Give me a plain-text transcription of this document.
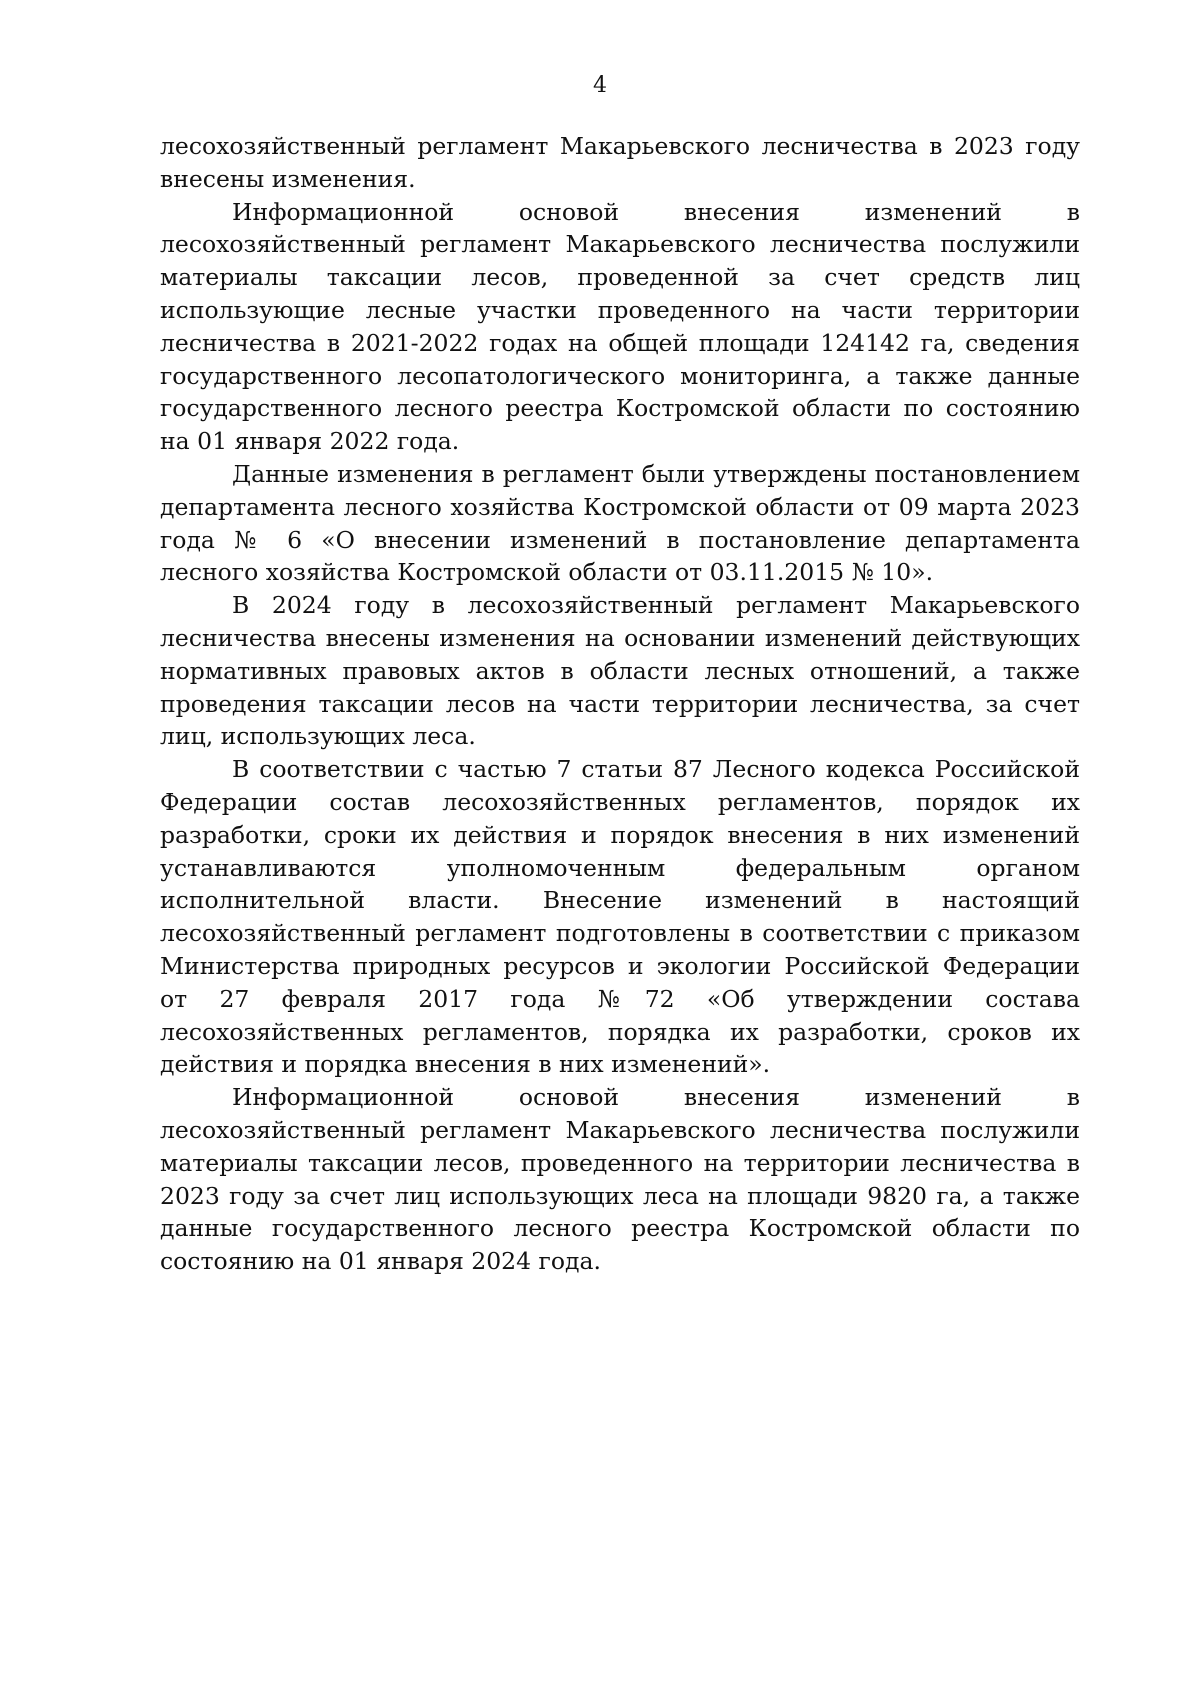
4

лесохозяйственный регламент Макарьевского лесничества в 2023 году внесены изменения.

Информационной основой внесения изменений в лесохозяйственный регламент Макарьевского лесничества послужили материалы таксации лесов, проведенной за счет средств лиц использующие лесные участки проведенного на части территории лесничества в 2021-2022 годах на общей площади 124142 га, сведения государственного лесопатологического мониторинга, а также данные государственного лесного реестра Костромской области по состоянию на 01 января 2022 года.

Данные изменения в регламент были утверждены постановлением департамента лесного хозяйства Костромской области от 09 марта 2023 года № 6 «О внесении изменений в постановление департамента лесного хозяйства Костромской области от 03.11.2015 № 10».

В 2024 году в лесохозяйственный регламент Макарьевского лесничества внесены изменения на основании изменений действующих нормативных правовых актов в области лесных отношений, а также проведения таксации лесов на части территории лесничества, за счет лиц, использующих леса.

В соответствии с частью 7 статьи 87 Лесного кодекса Российской Федерации состав лесохозяйственных регламентов, порядок их разработки, сроки их действия и порядок внесения в них изменений устанавливаются уполномоченным федеральным органом исполнительной власти. Внесение изменений в настоящий лесохозяйственный регламент подготовлены в соответствии с приказом Министерства природных ресурсов и экологии Российской Федерации от 27 февраля 2017 года №72 «Об утверждении состава лесохозяйственных регламентов, порядка их разработки, сроков их действия и порядка внесения в них изменений».

Информационной основой внесения изменений в лесохозяйственный регламент Макарьевского лесничества послужили материалы таксации лесов, проведенного на территории лесничества в 2023 году за счет лиц использующих леса на площади 9820 га, а также данные государственного лесного реестра Костромской области по состоянию на 01 января 2024 года.
